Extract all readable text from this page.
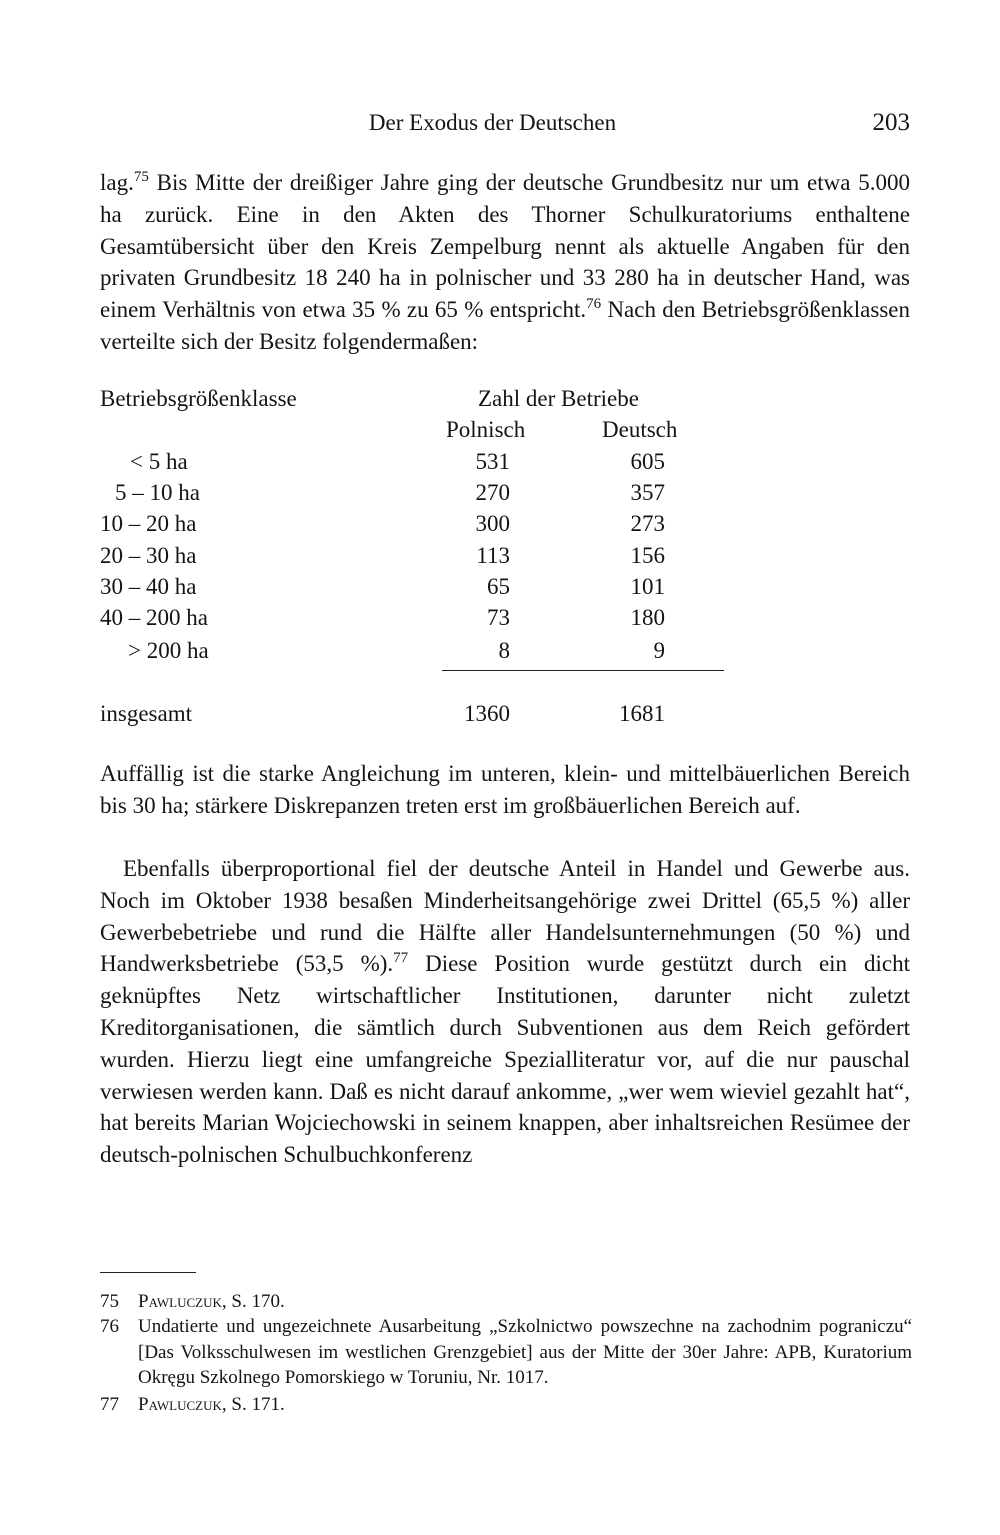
Der Exodus der Deutschen	203

lag.$^{75}$ Bis Mitte der dreißiger Jahre ging der deutsche Grundbesitz nur um etwa 5.000 ha zurück. Eine in den Akten des Thorner Schulkuratoriums enthaltene Gesamtübersicht über den Kreis Zempelburg nennt als aktuelle Angaben für den privaten Grundbesitz 18 240 ha in polnischer und 33 280 ha in deutscher Hand, was einem Verhältnis von etwa 35 % zu 65 % entspricht.$^{76}$ Nach den Betriebsgrößenklassen verteilte sich der Besitz folgendermaßen:

Betriebsgrößenklasse	Zahl der Betriebe
Polnisch	Deutsch
< 5 ha	531	605
5 – 10 ha	270	357
10 – 20 ha	300	273
20 – 30 ha	113	156
30 – 40 ha	65	101
40 – 200 ha	73	180
> 200 ha	8	9
insgesamt	1360	1681

Auffällig ist die starke Angleichung im unteren, klein- und mittelbäuerlichen Bereich bis 30 ha; stärkere Diskrepanzen treten erst im großbäuerlichen Bereich auf.

Ebenfalls überproportional fiel der deutsche Anteil in Handel und Gewerbe aus. Noch im Oktober 1938 besaßen Minderheitsangehörige zwei Drittel (65,5 %) aller Gewerbebetriebe und rund die Hälfte aller Handelsunternehmungen (50 %) und Handwerksbetriebe (53,5 %).$^{77}$ Diese Position wurde gestützt durch ein dicht geknüpftes Netz wirtschaftlicher Institutionen, darunter nicht zuletzt Kreditorganisationen, die sämtlich durch Subventionen aus dem Reich gefördert wurden. Hierzu liegt eine umfangreiche Spezialliteratur vor, auf die nur pauschal verwiesen werden kann. Daß es nicht darauf ankomme, „wer wem wieviel gezahlt hat“, hat bereits Marian Wojciechowski in seinem knappen, aber inhaltsreichen Resümee der deutsch-polnischen Schulbuchkonferenz

75 Pawluczuk, S. 170.
76 Undatierte und ungezeichnete Ausarbeitung „Szkolnictwo powszechne na zachodnim pograniczu“ [Das Volksschulwesen im westlichen Grenzgebiet] aus der Mitte der 30er Jahre: APB, Kuratorium Okręgu Szkolnego Pomorskiego w Toruniu, Nr. 1017.
77 Pawluczuk, S. 171.
